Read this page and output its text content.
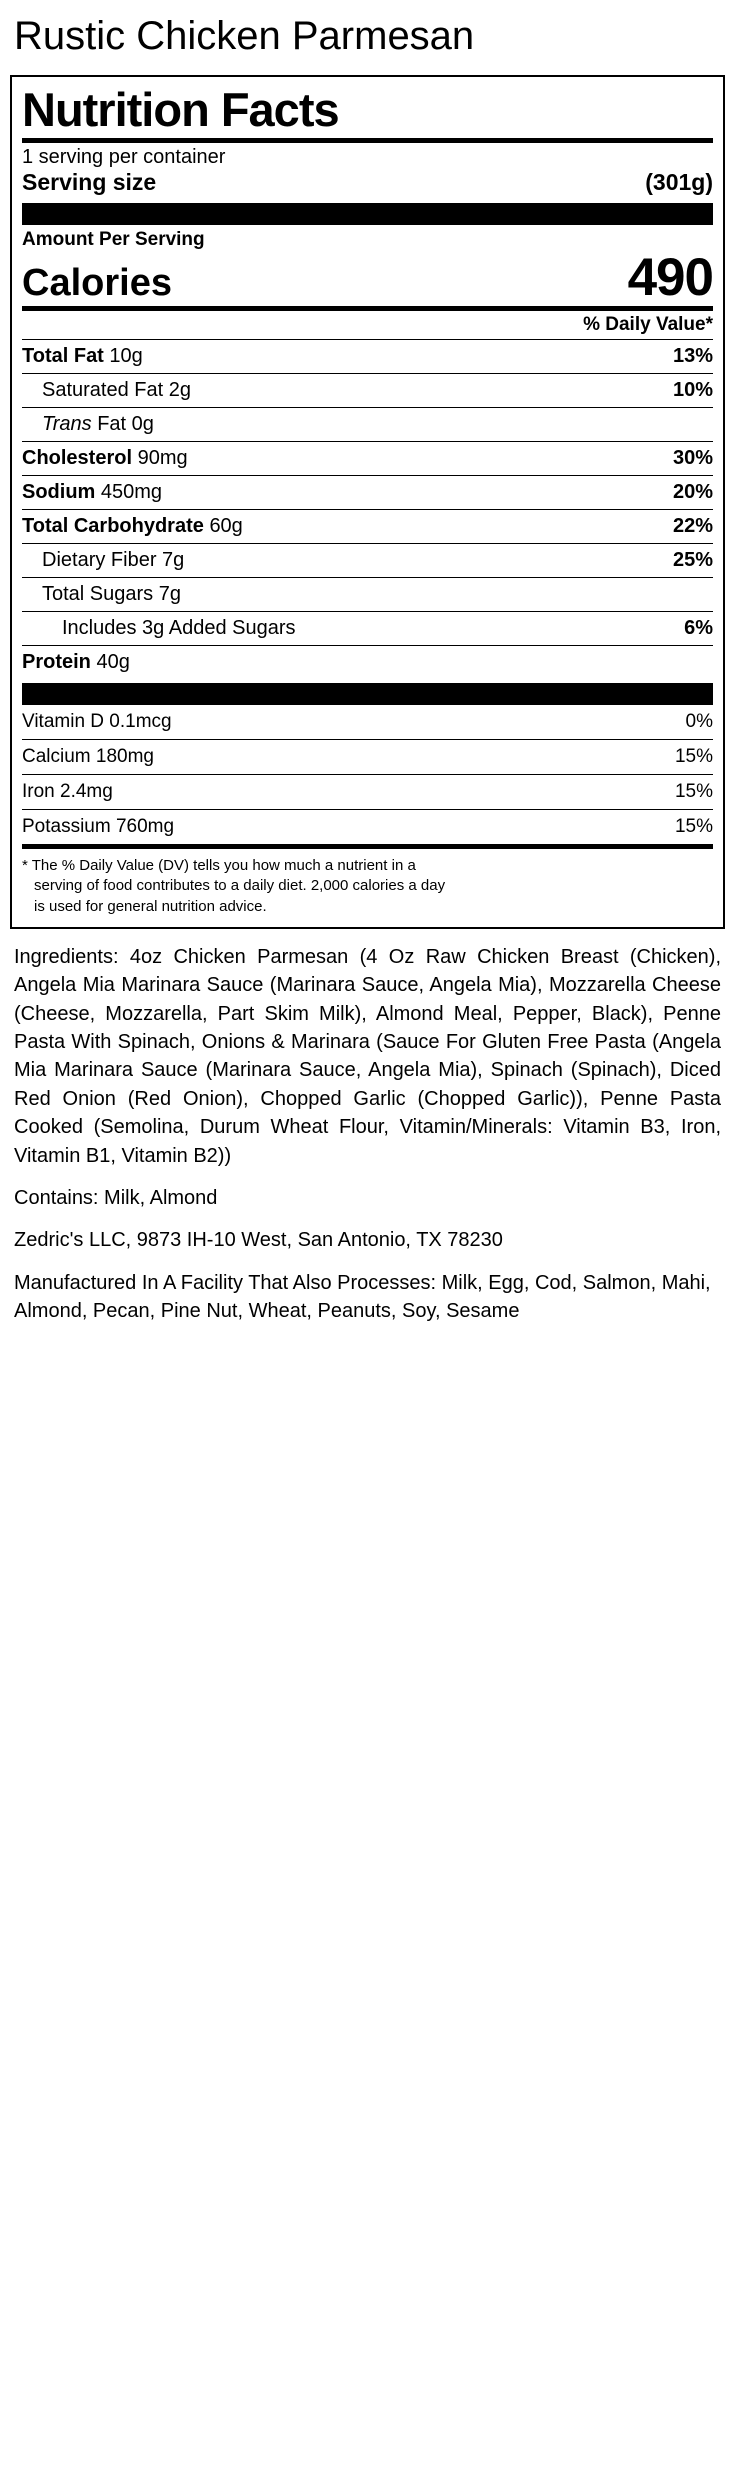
Rustic Chicken Parmesan
Nutrition Facts
1 serving per container
Serving size	(301g)
Amount Per Serving
Calories	490
% Daily Value*
Total Fat 10g	13%
Saturated Fat 2g	10%
Trans Fat 0g
Cholesterol 90mg	30%
Sodium 450mg	20%
Total Carbohydrate 60g	22%
Dietary Fiber 7g	25%
Total Sugars 7g
Includes 3g Added Sugars	6%
Protein 40g
Vitamin D 0.1mcg	0%
Calcium 180mg	15%
Iron 2.4mg	15%
Potassium 760mg	15%
* The % Daily Value (DV) tells you how much a nutrient in a
serving of food contributes to a daily diet. 2,000 calories a day
is used for general nutrition advice.
Ingredients: 4oz Chicken Parmesan (4 Oz Raw Chicken Breast (Chicken), Angela Mia Marinara Sauce (Marinara Sauce, Angela Mia), Mozzarella Cheese (Cheese, Mozzarella, Part Skim Milk), Almond Meal, Pepper, Black), Penne Pasta With Spinach, Onions & Marinara (Sauce For Gluten Free Pasta (Angela Mia Marinara Sauce (Marinara Sauce, Angela Mia), Spinach (Spinach), Diced Red Onion (Red Onion), Chopped Garlic (Chopped Garlic)), Penne Pasta Cooked (Semolina, Durum Wheat Flour, Vitamin/Minerals: Vitamin B3, Iron, Vitamin B1, Vitamin B2))
Contains: Milk, Almond
Zedric's LLC, 9873 IH-10 West, San Antonio, TX 78230
Manufactured In A Facility That Also Processes: Milk, Egg, Cod, Salmon, Mahi, Almond, Pecan, Pine Nut, Wheat, Peanuts, Soy, Sesame
